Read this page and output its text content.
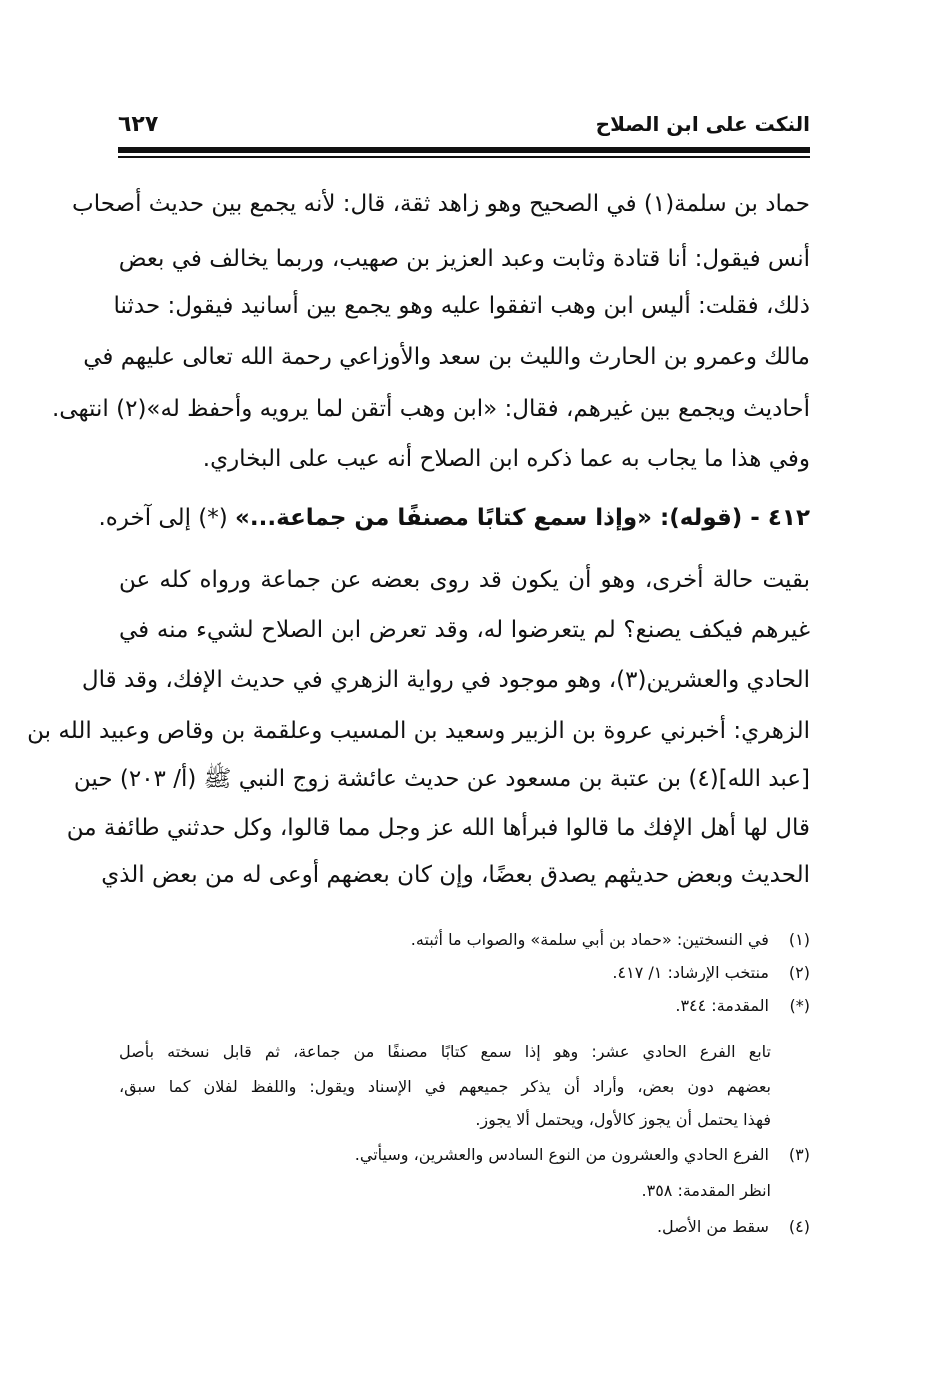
النكت على ابن الصلاح
٦٢٧
حماد بن سلمة(١) في الصحيح وهو زاهد ثقة، قال: لأنه يجمع بين حديث أصحاب
أنس فيقول: أنا قتادة وثابت وعبد العزيز بن صهيب، وربما يخالف في بعض
ذلك، فقلت: أليس ابن وهب اتفقوا عليه وهو يجمع بين أسانيد فيقول: حدثنا
مالك وعمرو بن الحارث والليث بن سعد والأوزاعي رحمة الله تعالى عليهم في
أحاديث ويجمع بين غيرهم، فقال: «ابن وهب أتقن لما يرويه وأحفظ له»(٢) انتهى.
وفي هذا ما يجاب به عما ذكره ابن الصلاح أنه عيب على البخاري.
٤١٢ - (قوله): «وإذا سمع كتابًا مصنفًا من جماعة...» (*) إلى آخره.
بقيت حالة أخرى، وهو أن يكون قد روى بعضه عن جماعة ورواه كله عن
غيرهم فيكف يصنع؟ لم يتعرضوا له، وقد تعرض ابن الصلاح لشيء منه في
الحادي والعشرين(٣)، وهو موجود في رواية الزهري في حديث الإفك، وقد قال
الزهري: أخبرني عروة بن الزبير وسعيد بن المسيب وعلقمة بن وقاص وعبيد الله بن
[عبد الله](٤) بن عتبة بن مسعود عن حديث عائشة زوج النبي ﷺ (أ/ ٢٠٣) حين
قال لها أهل الإفك ما قالوا فبرأها الله عز وجل مما قالوا، وكل حدثني طائفة من
الحديث وبعض حديثهم يصدق بعضًا، وإن كان بعضهم أوعى له من بعض الذي
(١) في النسختين: «حماد بن أبي سلمة» والصواب ما أثبته.
(٢) منتخب الإرشاد: ١/ ٤١٧.
(*) المقدمة: ٣٤٤.
تابع الفرع الحادي عشر: وهو إذا سمع كتابًا مصنفًا من جماعة، ثم قابل نسخته بأصل
بعضهم دون بعض، وأراد أن يذكر جميعهم في الإسناد ويقول: واللفظ لفلان كما سبق،
فهذا يحتمل أن يجوز كالأول، ويحتمل ألا يجوز.
(٣) الفرع الحادي والعشرون من النوع السادس والعشرين، وسيأتي.
انظر المقدمة: ٣٥٨.
(٤) سقط من الأصل.
